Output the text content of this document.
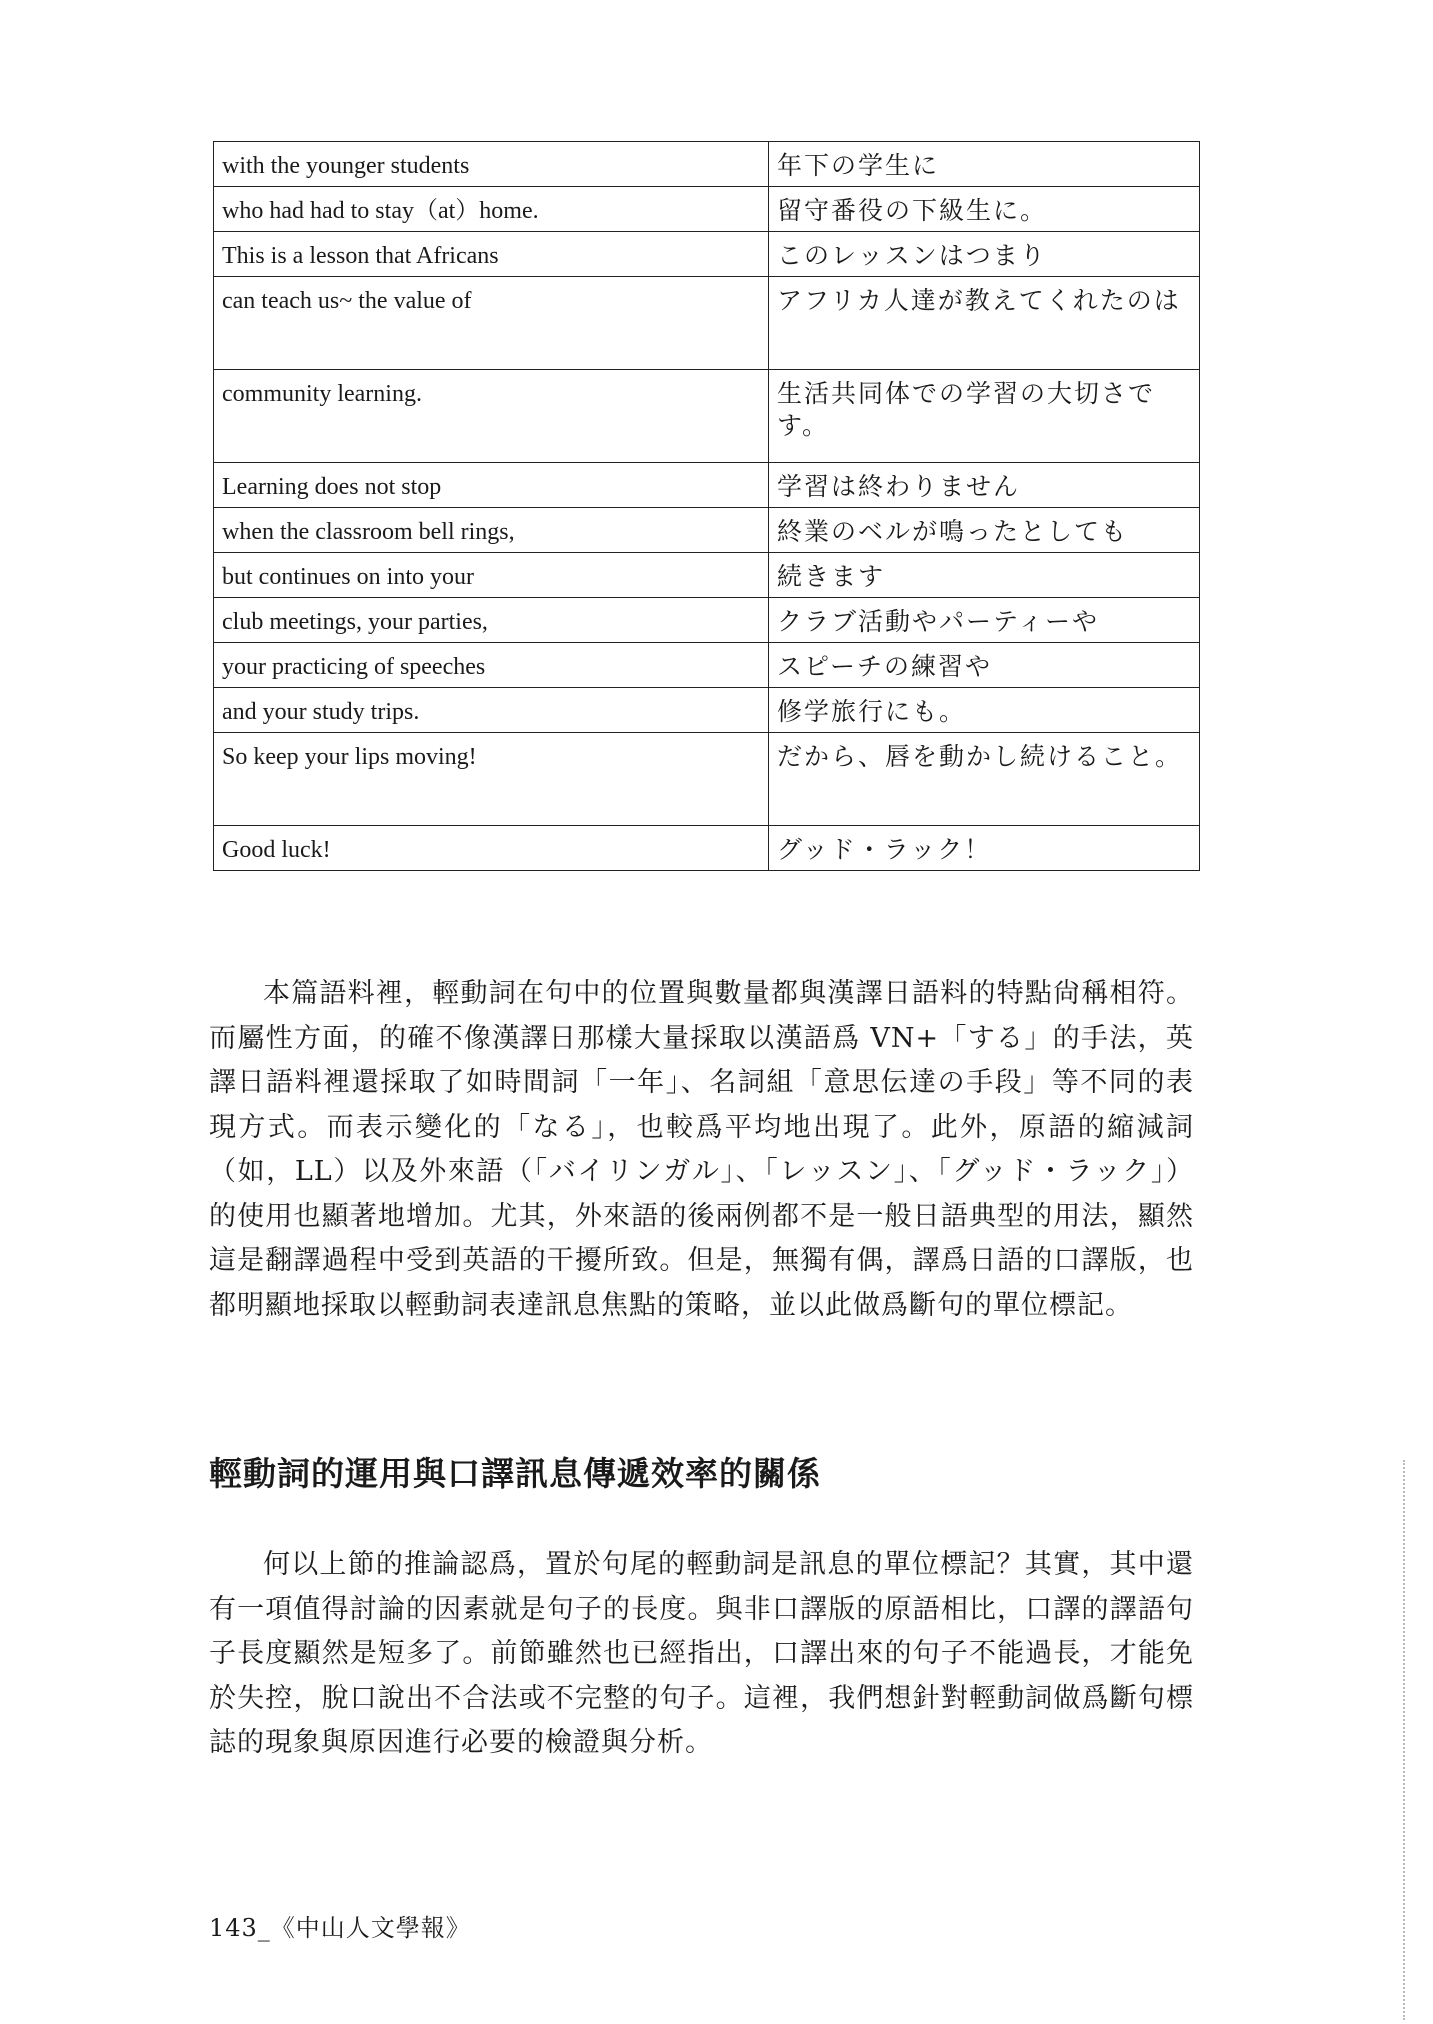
with the younger students	年下の学生に
who had had to stay（at）home.	留守番役の下級生に。
This is a lesson that Africans	このレッスンはつまり
can teach us~ the value of	アフリカ人達が教えてくれたのは
community learning.	生活共同体での学習の大切さです。
Learning does not stop	学習は終わりません
when the classroom bell rings,	終業のベルが鳴ったとしても
but continues on into your	続きます
club meetings, your parties,	クラブ活動やパーティーや
your practicing of speeches	スピーチの練習や
and your study trips.	修学旅行にも。
So keep your lips moving!	だから、唇を動かし続けること。
Good luck!	グッド・ラック！

本篇語料裡，輕動詞在句中的位置與數量都與漢譯日語料的特點尙稱相符。而屬性方面，的確不像漢譯日那樣大量採取以漢語爲 VN+「する」的手法，英譯日語料裡還採取了如時間詞「一年」、名詞組「意思伝達の手段」等不同的表現方式。而表示變化的「なる」，也較爲平均地出現了。此外，原語的縮減詞（如，LL）以及外來語（「バイリンガル」、「レッスン」、「グッド・ラック」）的使用也顯著地增加。尤其，外來語的後兩例都不是一般日語典型的用法，顯然這是翻譯過程中受到英語的干擾所致。但是，無獨有偶，譯爲日語的口譯版，也都明顯地採取以輕動詞表達訊息焦點的策略，並以此做爲斷句的單位標記。

輕動詞的運用與口譯訊息傳遞效率的關係

何以上節的推論認爲，置於句尾的輕動詞是訊息的單位標記？其實，其中還有一項值得討論的因素就是句子的長度。與非口譯版的原語相比，口譯的譯語句子長度顯然是短多了。前節雖然也已經指出，口譯出來的句子不能過長，才能免於失控，脫口說出不合法或不完整的句子。這裡，我們想針對輕動詞做爲斷句標誌的現象與原因進行必要的檢證與分析。

143_《中山人文學報》
